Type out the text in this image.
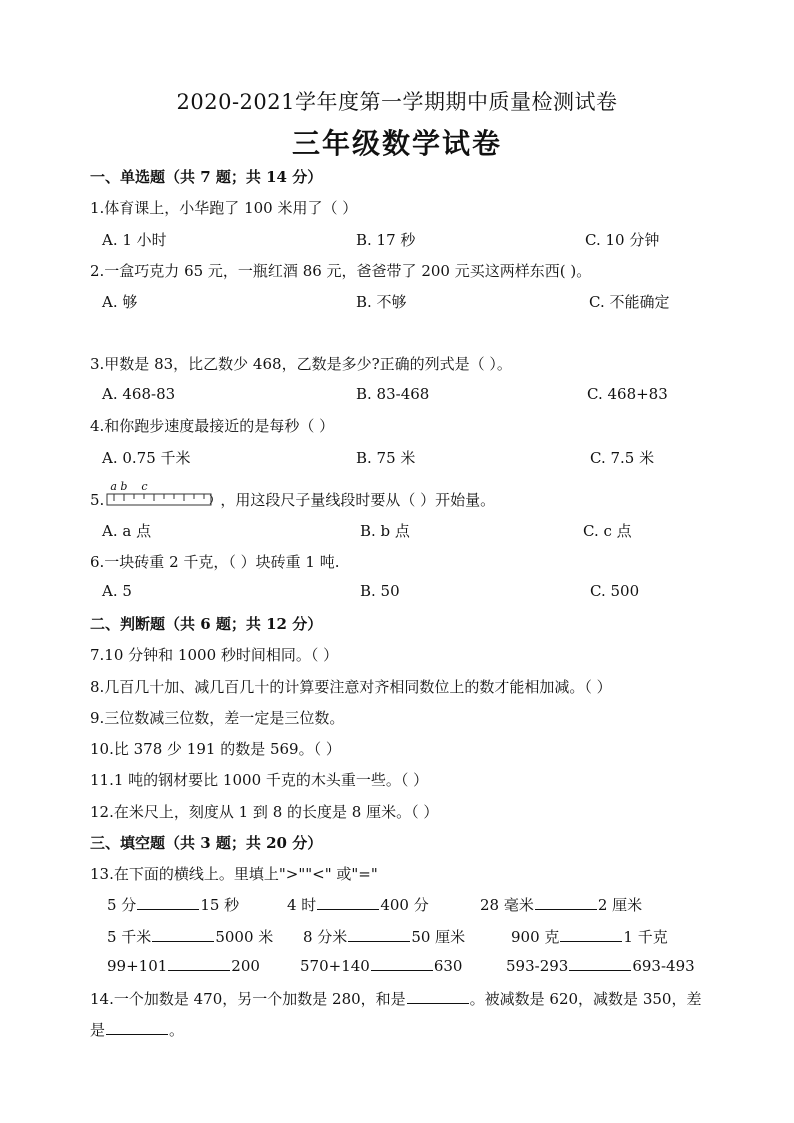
2020-2021学年度第一学期期中质量检测试卷
三年级数学试卷
一、单选题（共 7 题；共 14 分）
1.体育课上，小华跑了 100 米用了（ ）
A. 1 小时	B. 17 秒	C. 10 分钟
2.一盒巧克力 65 元，一瓶红酒 86 元，爸爸带了 200 元买这两样东西( )。
A. 够	B. 不够	C. 不能确定
3.甲数是 83，比乙数少 468，乙数是多少?正确的列式是（ ）。
A. 468-83	B. 83-468	C. 468+83
4.和你跑步速度最接近的是每秒（ ）
A. 0.75 千米	B. 75 米	C. 7.5 米
5.
a b    c
，用这段尺子量线段时要从（ ）开始量。
A. a 点	B. b 点	C. c 点
6.一块砖重 2 千克，（ ）块砖重 1 吨.
A. 5	B. 50	C. 500
二、判断题（共 6 题；共 12 分）
7.10 分钟和 1000 秒时间相同。（ ）
8.几百几十加、减几百几十的计算要注意对齐相同数位上的数才能相加减。（ ）
9.三位数减三位数，差一定是三位数。
10.比 378 少 191 的数是 569。（ ）
11.1 吨的钢材要比 1000 千克的木头重一些。（ ）
12.在米尺上，刻度从 1 到 8 的长度是 8 厘米。（ ）
三、填空题（共 3 题；共 20 分）
13.在下面的横线上。里填上">""<" 或"="
5 分	15 秒	4 时	400 分	28 毫米	2 厘米
5 千米	5000 米 8 分米	50 厘米	900 克	1 千克
99+101	200	570+140	630	593-293	693-493
14.一个加数是 470，另一个加数是 280，和是	。被减数是 620，减数是 350，差
是	。
